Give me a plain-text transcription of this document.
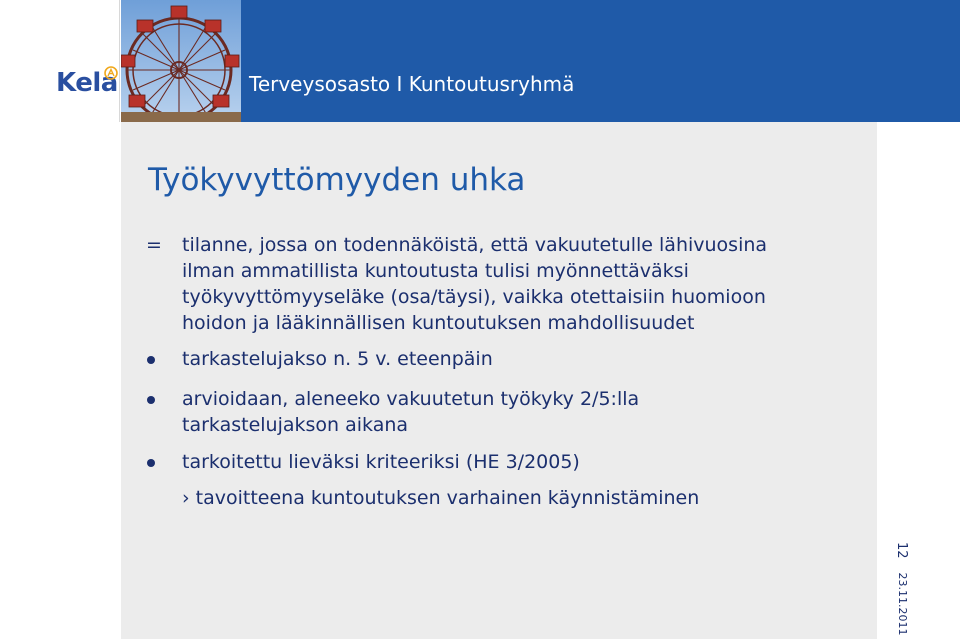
Kela	Terveysosasto I Kuntoutusryhmä
Työkyvyttömyyden uhka
= tilanne, jossa on todennäköistä, että vakuutetulle lähivuosina
ilman ammatillista kuntoutusta tulisi myönnettäväksi
työkyvyttömyyseläke (osa/täysi), vaikka otettaisiin huomioon
hoidon ja lääkinnällisen kuntoutuksen mahdollisuudet
tarkastelujakso n. 5 v. eteenpäin
arvioidaan, aleneeko vakuutetun työkyky 2/5:lla
tarkastelujakson aikana
tarkoitettu lieväksi kriteeriksi (HE 3/2005)
› tavoitteena kuntoutuksen varhainen käynnistäminen
12
23.11.2011
